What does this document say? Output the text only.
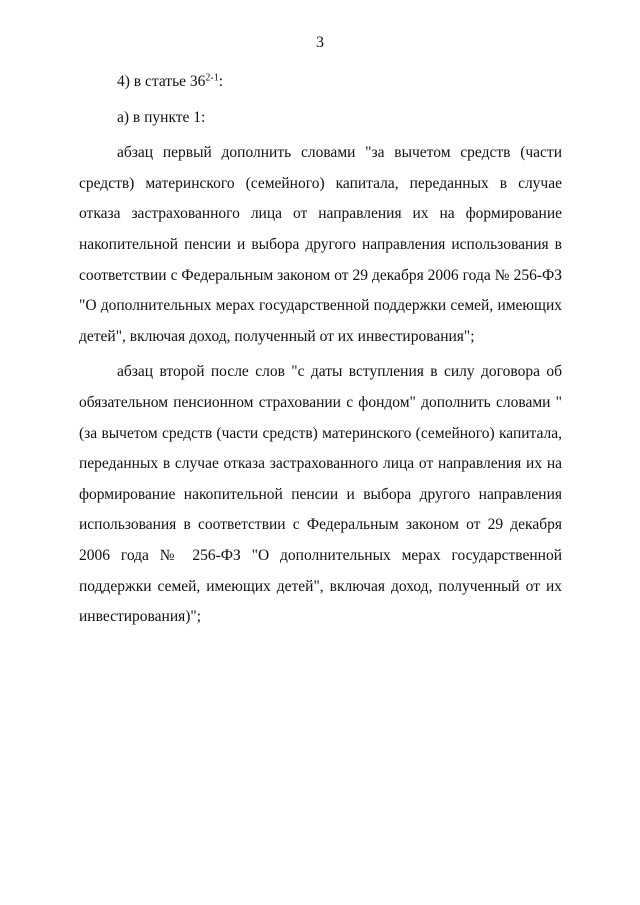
3

4) в статье 36$^{2-1}$:

а) в пункте 1:

абзац первый дополнить словами "за вычетом средств (части средств) материнского (семейного) капитала, переданных в случае отказа застрахованного лица от направления их на формирование накопительной пенсии и выбора другого направления использования в соответствии с Федеральным законом от 29 декабря 2006 года № 256-ФЗ "О дополнительных мерах государственной поддержки семей, имеющих детей", включая доход, полученный от их инвестирования";

абзац второй после слов "с даты вступления в силу договора об обязательном пенсионном страховании с фондом" дополнить словами "(за вычетом средств (части средств) материнского (семейного) капитала, переданных в случае отказа застрахованного лица от направления их на формирование накопительной пенсии и выбора другого направления использования в соответствии с Федеральным законом от 29 декабря 2006 года № 256-ФЗ "О дополнительных мерах государственной поддержки семей, имеющих детей", включая доход, полученный от их инвестирования)";
